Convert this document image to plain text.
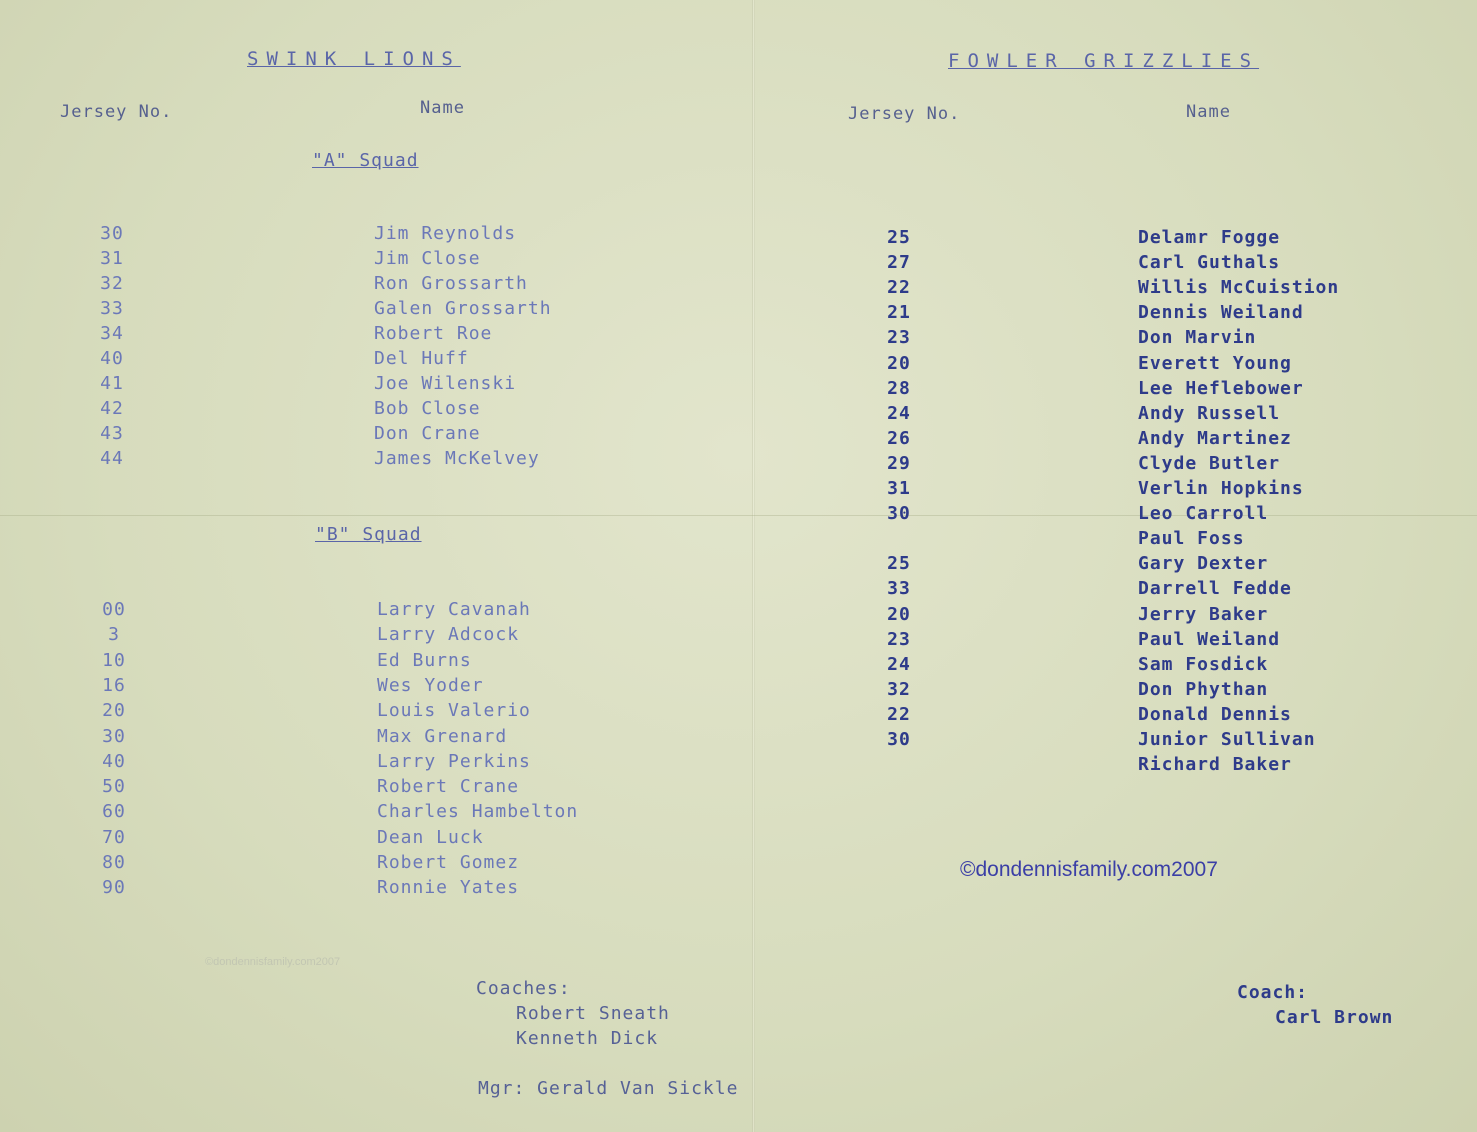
SWINK LIONS
Jersey No.	Name
"A" Squad
30	Jim Reynolds
31	Jim Close
32	Ron Grossarth
33	Galen Grossarth
34	Robert Roe
40	Del Huff
41	Joe Wilenski
42	Bob Close
43	Don Crane
44	James McKelvey
"B" Squad
00	Larry Cavanah
3	Larry Adcock
10	Ed Burns
16	Wes Yoder
20	Louis Valerio
30	Max Grenard
40	Larry Perkins
50	Robert Crane
60	Charles Hambelton
70	Dean Luck
80	Robert Gomez
90	Ronnie Yates
Coaches:
Robert Sneath
Kenneth Dick
Mgr: Gerald Van Sickle
©dondennisfamily.com2007
FOWLER GRIZZLIES
Jersey No.	Name
25	Delamr Fogge
27	Carl Guthals
22	Willis McCuistion
21	Dennis Weiland
23	Don Marvin
20	Everett Young
28	Lee Heflebower
24	Andy Russell
26	Andy Martinez
29	Clyde Butler
31	Verlin Hopkins
30	Leo Carroll
Paul Foss
25	Gary Dexter
33	Darrell Fedde
20	Jerry Baker
23	Paul Weiland
24	Sam Fosdick
32	Don Phythan
22	Donald Dennis
30	Junior Sullivan
Richard Baker
©dondennisfamily.com2007
Coach:
Carl Brown
